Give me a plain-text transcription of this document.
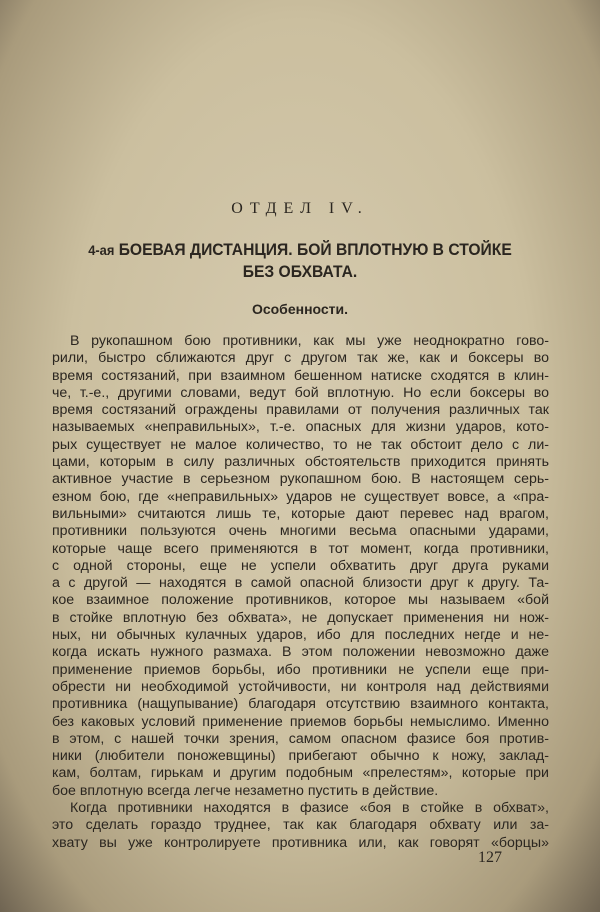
ОТДЕЛ IV.
4-ая БОЕВАЯ ДИСТАНЦИЯ. БОЙ ВПЛОТНУЮ В СТОЙКЕ
БЕЗ ОБХВАТА.
Особенности.
В рукопашном бою противники, как мы уже неоднократно гово-
рили, быстро сближаются друг с другом так же, как и боксеры во
время состязаний, при взаимном бешенном натиске сходятся в клин-
че, т.-е., другими словами, ведут бой вплотную. Но если боксеры во
время состязаний ограждены правилами от получения различных так
называемых «неправильных», т.-е. опасных для жизни ударов, кото-
рых существует не малое количество, то не так обстоит дело с ли-
цами, которым в силу различных обстоятельств приходится принять
активное участие в серьезном рукопашном бою. В настоящем серь-
езном бою, где «неправильных» ударов не существует вовсе, а «пра-
вильными» считаются лишь те, которые дают перевес над врагом,
противники пользуются очень многими весьма опасными ударами,
которые чаще всего применяются в тот момент, когда противники,
с одной стороны, еще не успели обхватить друг друга руками
а с другой — находятся в самой опасной близости друг к другу. Та-
кое взаимное положение противников, которое мы называем «бой
в стойке вплотную без обхвата», не допускает применения ни нож-
ных, ни обычных кулачных ударов, ибо для последних негде и не-
когда искать нужного размаха. В этом положении невозможно даже
применение приемов борьбы, ибо противники не успели еще при-
обрести ни необходимой устойчивости, ни контроля над действиями
противника (нащупывание) благодаря отсутствию взаимного контакта,
без каковых условий применение приемов борьбы немыслимо. Именно
в этом, с нашей точки зрения, самом опасном фазисе боя против-
ники (любители поножевщины) прибегают обычно к ножу, заклад-
кам, болтам, гирькам и другим подобным «прелестям», которые при
бое вплотную всегда легче незаметно пустить в действие.
Когда противники находятся в фазисе «боя в стойке в обхват»,
это сделать гораздо труднее, так как благодаря обхвату или за-
хвату вы уже контролируете противника или, как говорят «борцы»
127
